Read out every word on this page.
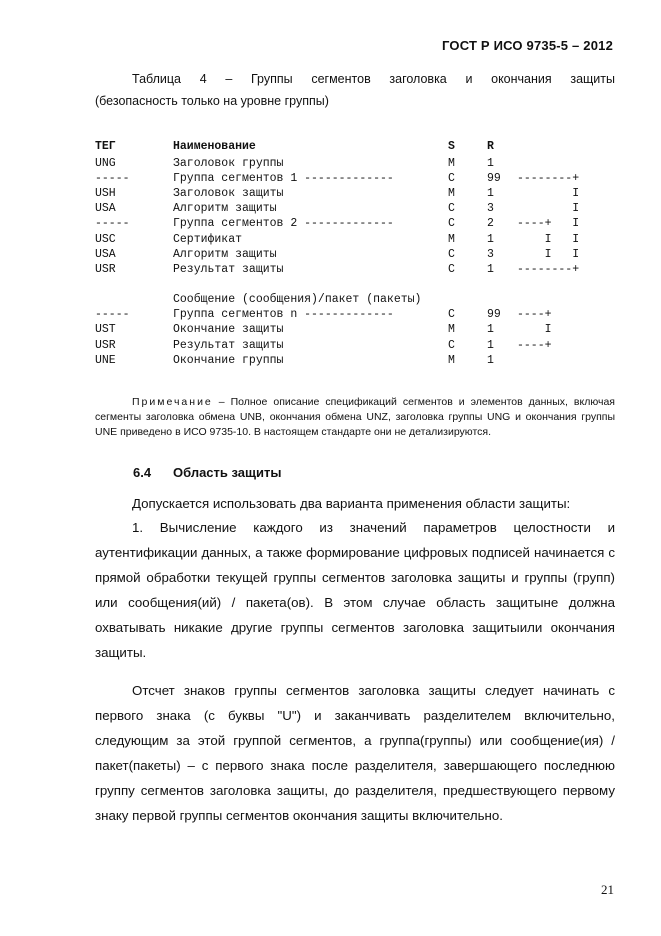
ГОСТ Р ИСО 9735-5 – 2012
Таблица 4 – Группы сегментов заголовка и окончания защиты
(безопасность только на уровне группы)
ТЕГ	Наименование	S	R
UNG	Заголовок группы	M	1
-----	Группа сегментов 1 -------------	C	99 --------+
USH	Заголовок защиты	M	1 I
USA	Алгоритм защиты	C	3 I
-----	Группа сегментов 2 -------------	C	2 ----+   I
USC	Сертификат	M	1 I   I
USA	Алгоритм защиты	C	3 I   I
USR	Результат защиты	C	1 --------+
Сообщение (сообщения)/пакет (пакеты)
-----	Группа сегментов n -------------	C	99 ----+
UST	Окончание защиты	M	1 I
USR	Результат защиты	C	1 ----+
UNE	Окончание группы	M	1
Примечание – Полное описание спецификаций сегментов и элементов данных, включая сегменты заголовка обмена UNB, окончания обмена UNZ, заголовка группы UNG и окончания группы UNE приведено в ИСО 9735-10. В настоящем стандарте они не детализируются.
6.4 Область защиты
Допускается использовать два варианта применения области защиты:
1. Вычисление каждого из значений параметров целостности и аутентификации данных, а также формирование цифровых подписей начинается с прямой обработки текущей группы сегментов заголовка защиты и группы (групп) или сообщения(ий) / пакета(ов). В этом случае область защитыне должна охватывать никакие другие группы сегментов заголовка защитыили окончания защиты.
Отсчет знаков группы сегментов заголовка защиты следует начинать с первого знака (с буквы "U") и заканчивать разделителем включительно, следующим за этой группой сегментов, а группа(группы) или сообщение(ия) /пакет(пакеты) – с первого знака после разделителя, завершающего последнюю группу сегментов заголовка защиты, до разделителя, предшествующего первому знаку первой группы сегментов окончания защиты включительно.
21
